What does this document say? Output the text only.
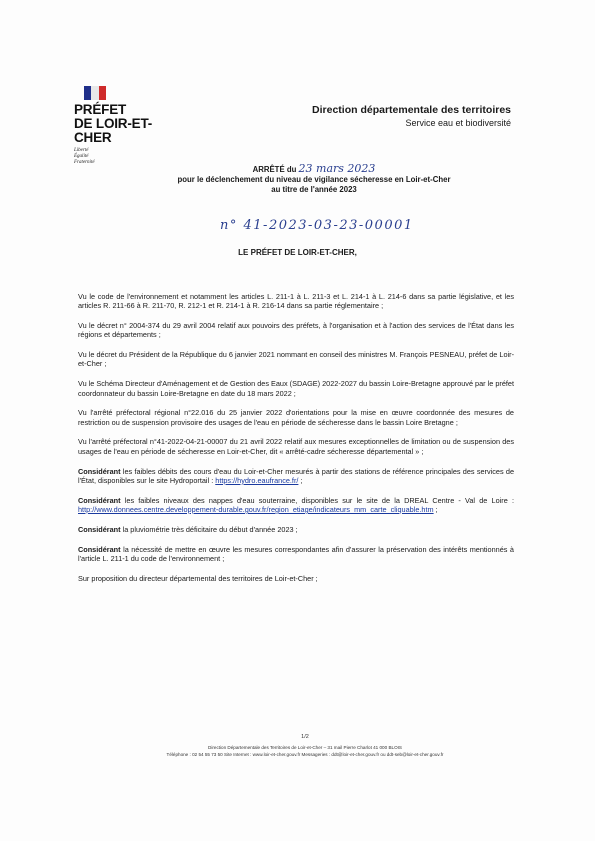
PRÉFET
DE LOIR-ET-CHER
Liberté
Égalité
Fraternité
Direction départementale des territoires
Service eau et biodiversité
ARRÊTÉ du 23 mars 2023
pour le déclenchement du niveau de vigilance sécheresse en Loir-et-Cher
au titre de l'année 2023
n° 41-2023-03-23-00001
LE PRÉFET DE LOIR-ET-CHER,

Vu le code de l'environnement et notamment les articles L. 211-1 à L. 211-3 et L. 214-1 à L. 214-6 dans sa partie législative, et les articles R. 211-66 à R. 211-70, R. 212-1 et R. 214-1 à R. 216-14 dans sa partie réglementaire ;

Vu le décret n° 2004-374 du 29 avril 2004 relatif aux pouvoirs des préfets, à l'organisation et à l'action des services de l'État dans les régions et départements ;

Vu le décret du Président de la République du 6 janvier 2021 nommant en conseil des ministres M. François PESNEAU, préfet de Loir-et-Cher ;

Vu le Schéma Directeur d'Aménagement et de Gestion des Eaux (SDAGE) 2022-2027 du bassin Loire-Bretagne approuvé par le préfet coordonnateur du bassin Loire-Bretagne en date du 18 mars 2022 ;

Vu l'arrêté préfectoral régional n°22.016 du 25 janvier 2022 d'orientations pour la mise en œuvre coordonnée des mesures de restriction ou de suspension provisoire des usages de l'eau en période de sécheresse dans le bassin Loire Bretagne ;

Vu l'arrêté préfectoral n°41-2022-04-21-00007 du 21 avril 2022 relatif aux mesures exceptionnelles de limitation ou de suspension des usages de l'eau en période de sécheresse en Loir-et-Cher, dit « arrêté-cadre sécheresse départemental » ;

Considérant les faibles débits des cours d'eau du Loir-et-Cher mesurés à partir des stations de référence principales des services de l'État, disponibles sur le site Hydroportail : https://hydro.eaufrance.fr/ ;

Considérant les faibles niveaux des nappes d'eau souterraine, disponibles sur le site de la DREAL Centre - Val de Loire : http://www.donnees.centre.developpement-durable.gouv.fr/region_etiage/indicateurs_mm_carte_cliquable.htm ;

Considérant la pluviométrie très déficitaire du début d'année 2023 ;

Considérant la nécessité de mettre en œuvre les mesures correspondantes afin d'assurer la préservation des intérêts mentionnés à l'article L. 211-1 du code de l'environnement ;

Sur proposition du directeur départemental des territoires de Loir-et-Cher ;

1/2
Direction Départementale des Territoires de Loir-et-Cher – 31 mail Pierre Charlot 41 000 BLOIS
Téléphone : 02 54 55 73 50 Site Internet : www.loir-et-cher.gouv.fr Messageries : ddt@loir-et-cher.gouv.fr ou ddt-seb@loir-et-cher.gouv.fr
